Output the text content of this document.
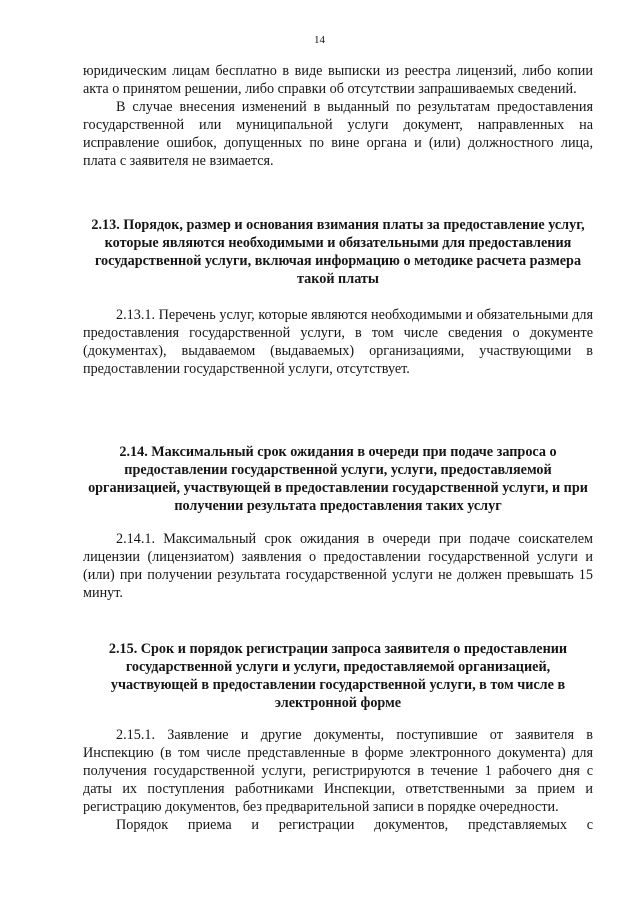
14

юридическим лицам бесплатно в виде выписки из реестра лицензий, либо копии акта о принятом решении, либо справки об отсутствии запрашиваемых сведений.

В случае внесения изменений в выданный по результатам предоставления государственной или муниципальной услуги документ, направленных на исправление ошибок, допущенных по вине органа и (или) должностного лица, плата с заявителя не взимается.

2.13. Порядок, размер и основания взимания платы за предоставление услуг, которые являются необходимыми и обязательными для предоставления государственной услуги, включая информацию о методике расчета размера такой платы

2.13.1. Перечень услуг, которые являются необходимыми и обязательными для предоставления государственной услуги, в том числе сведения о документе (документах), выдаваемом (выдаваемых) организациями, участвующими в предоставлении государственной услуги, отсутствует.

2.14. Максимальный срок ожидания в очереди при подаче запроса о предоставлении государственной услуги, услуги, предоставляемой организацией, участвующей в предоставлении государственной услуги, и при получении результата предоставления таких услуг

2.14.1. Максимальный срок ожидания в очереди при подаче соискателем лицензии (лицензиатом) заявления о предоставлении государственной услуги и (или) при получении результата государственной услуги не должен превышать 15 минут.

2.15. Срок и порядок регистрации запроса заявителя о предоставлении государственной услуги и услуги, предоставляемой организацией, участвующей в предоставлении государственной услуги, в том числе в электронной форме

2.15.1. Заявление и другие документы, поступившие от заявителя в Инспекцию (в том числе представленные в форме электронного документа) для получения государственной услуги, регистрируются в течение 1 рабочего дня с даты их поступления работниками Инспекции, ответственными за прием и регистрацию документов, без предварительной записи в порядке очередности.

Порядок приема и регистрации документов, представляемых с
